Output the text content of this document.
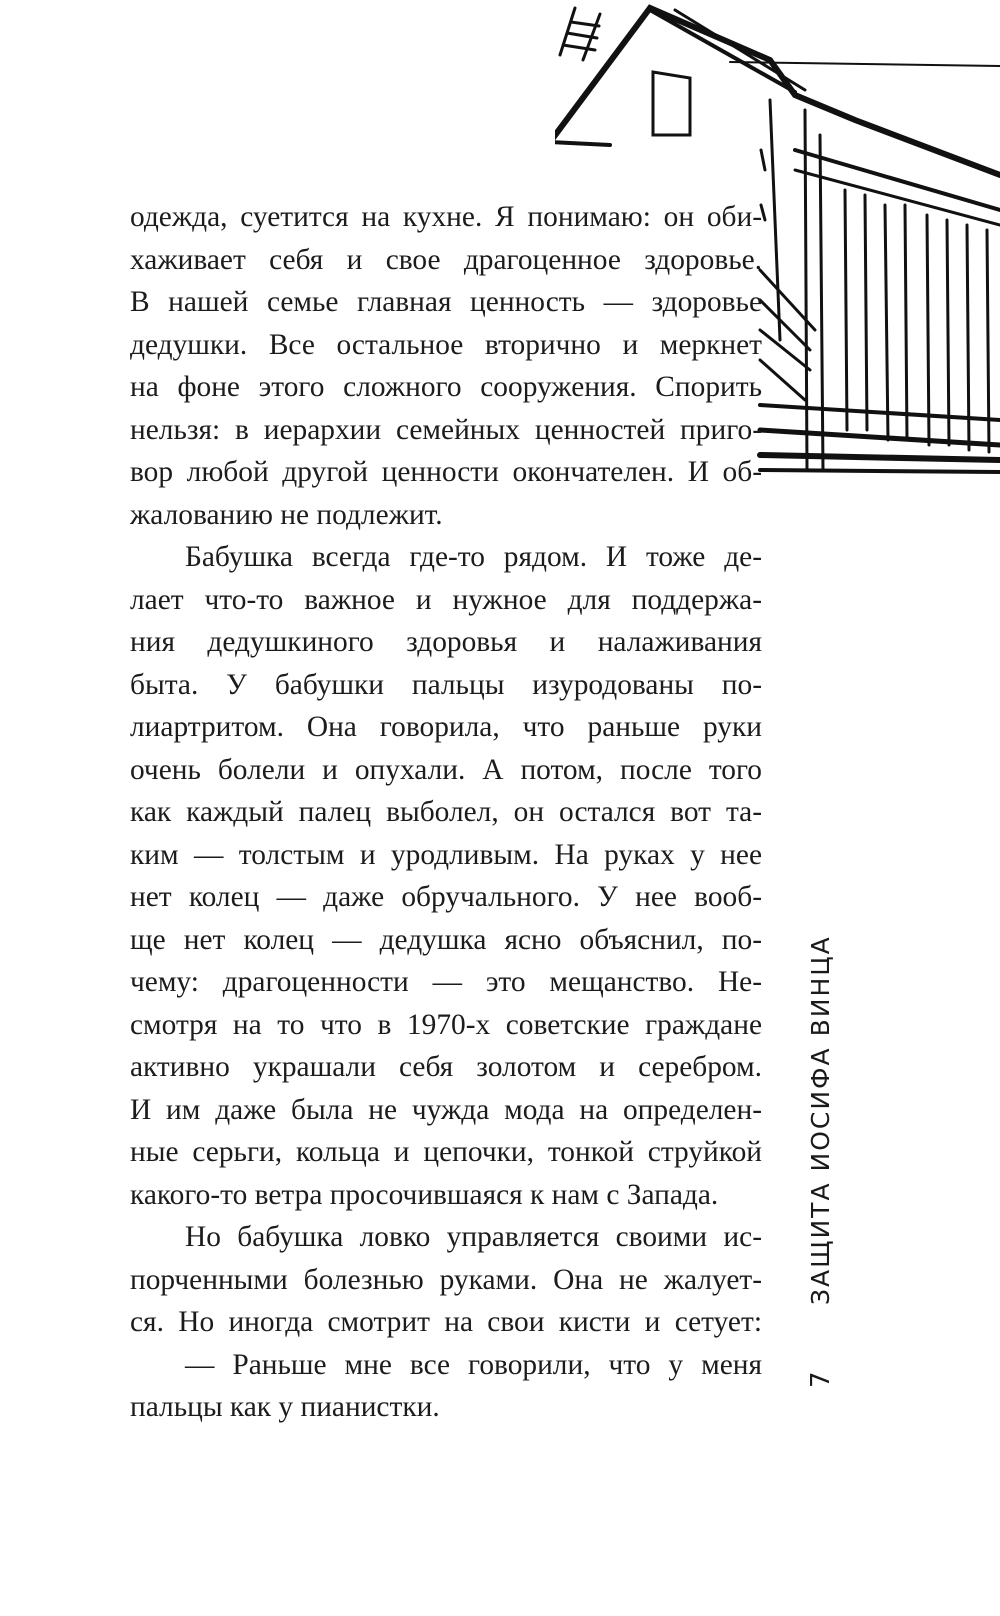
одежда, суетится на кухне. Я понимаю: он оби-
хаживает себя и свое драгоценное здоровье.
В нашей семье главная ценность — здоровье
дедушки. Все остальное вторично и меркнет
на фоне этого сложного сооружения. Спорить
нельзя: в иерархии семейных ценностей приго-
вор любой другой ценности окончателен. И об-
жалованию не подлежит.
Бабушка всегда где-то рядом. И тоже де-
лает что-то важное и нужное для поддержа-
ния дедушкиного здоровья и налаживания
быта. У бабушки пальцы изуродованы по-
лиартритом. Она говорила, что раньше руки
очень болели и опухали. А потом, после того
как каждый палец выболел, он остался вот та-
ким — толстым и уродливым. На руках у нее
нет колец — даже обручального. У нее вооб-
ще нет колец — дедушка ясно объяснил, по-
чему: драгоценности — это мещанство. Не-
смотря на то что в 1970-х советские граждане
активно украшали себя золотом и серебром.
И им даже была не чужда мода на определен-
ные серьги, кольца и цепочки, тонкой струйкой
какого-то ветра просочившаяся к нам с Запада.
Но бабушка ловко управляется своими ис-
порченными болезнью руками. Она не жалует-
ся. Но иногда смотрит на свои кисти и сетует:
— Раньше мне все говорили, что у меня
пальцы как у пианистки.
ЗАЩИТА ИОСИФА ВИНЦА
7
